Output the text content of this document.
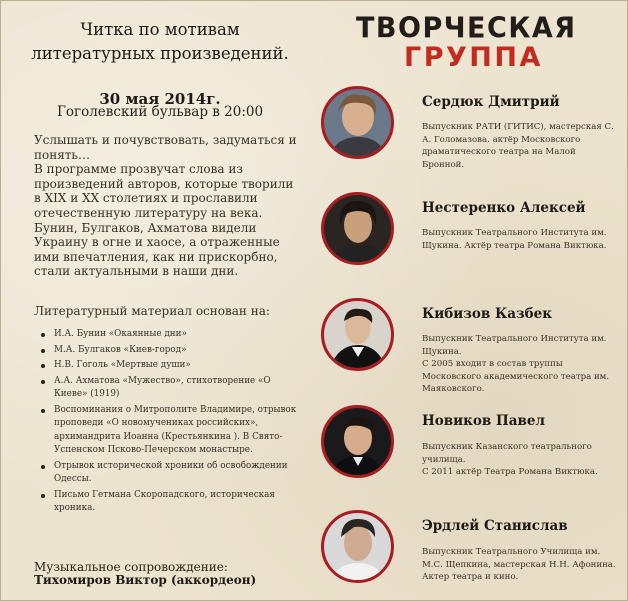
Читка по мотивам
литературных произведений.
30 мая 2014г.
Гоголевский бульвар в 20:00

Услышать и почувствовать, задуматься и понять…

В программе прозвучат слова из произведений авторов, которые творили в XIX и XX столетиях и прославили отечественную литературу на века.

Бунин, Булгаков, Ахматова видели Украину в огне и хаосе, а отраженные ими впечатления, как ни прискорбно, стали актуальными в наши дни.

Литературный материал основан на:
И.А. Бунин «Окаянные дни»
М.А. Булгаков «Киев-город»
Н.В. Гоголь «Мертвые души»
А.А. Ахматова «Мужество», стихотворение «О Киеве» (1919)
Воспоминания о Митрополите Владимире, отрывок проповеди «О новомучениках российских», архимандрита Иоанна (Крестьянкина ). В Свято-Успенском Псково-Печерском монастыре.
Отрывок исторической хроники об освобождении Одессы.
Письмо Гетмана Скоропадского, историческая хроника.
Музыкальное сопровождение:
Тихомиров Виктор (аккордеон)
ТВОРЧЕСКАЯ
ГРУППА
Сердюк Дмитрий
Выпускник РАТИ (ГИТИС), мастерская С. А. Голомазова. актёр Московского драматического театра на Малой Бронной.
Нестеренко Алексей
Выпускник Театрального Института им. Щукина. Актёр театра Романа Виктюка.
Кибизов Казбек
Выпускник Театрального Института им. Щукина.
С 2005 входит в состав труппы Московского академического театра им. Маяковского.
Новиков Павел
Выпускник Казанского театрального училища.
С 2011 актёр Театра Романа Виктюка.
Эрдлей Станислав
Выпускник Театрального Училища им. М.С. Щепкина, мастерская Н.Н. Афонина. Актер театра и кино.
